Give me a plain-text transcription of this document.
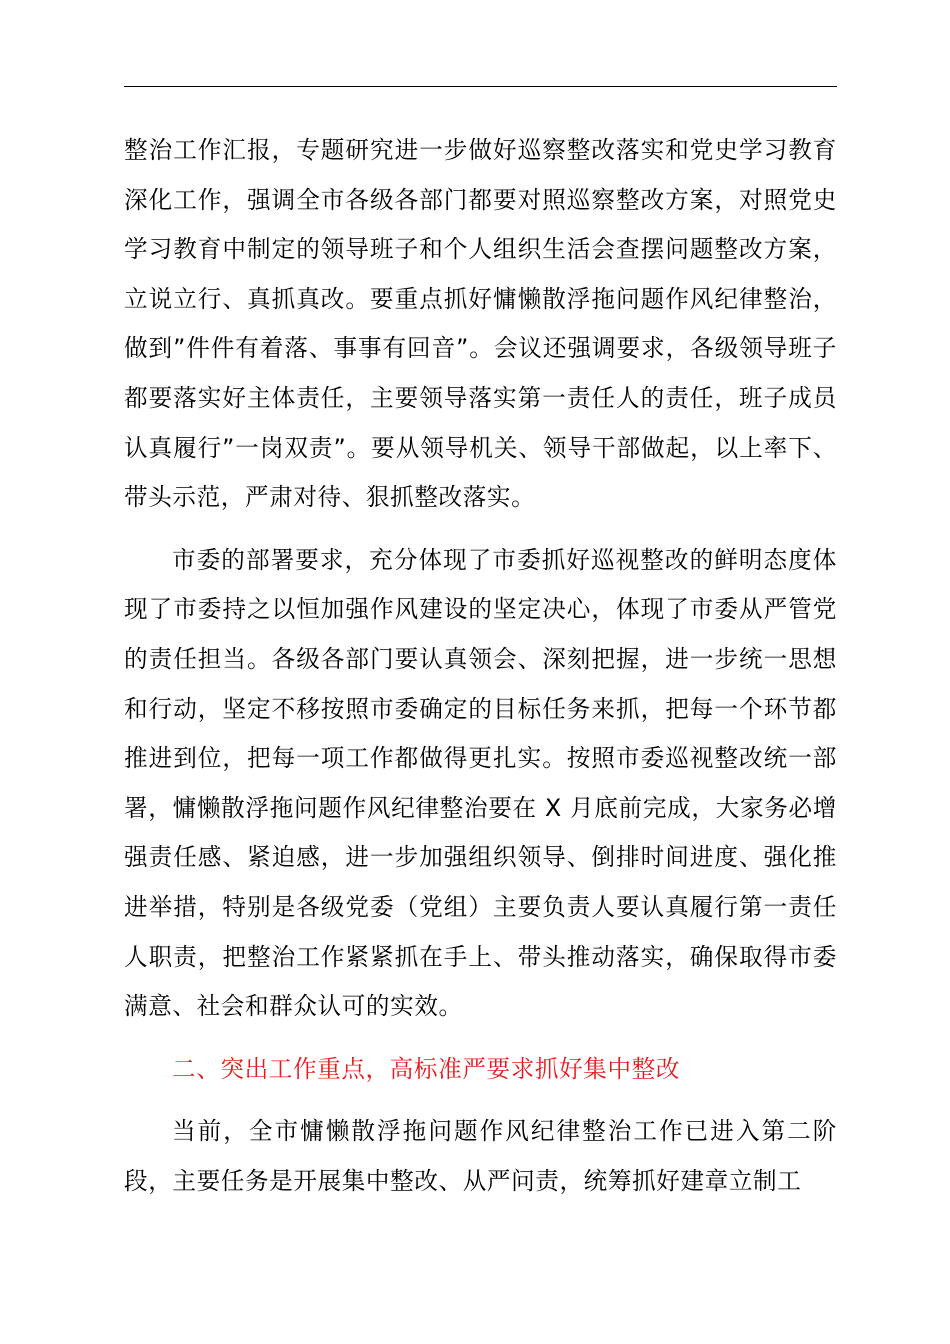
整治工作汇报，专题研究进一步做好巡察整改落实和党史学习教育深化工作，强调全市各级各部门都要对照巡察整改方案，对照党史学习教育中制定的领导班子和个人组织生活会查摆问题整改方案，立说立行、真抓真改。要重点抓好慵懒散浮拖问题作风纪律整治，做到”件件有着落、事事有回音”。会议还强调要求，各级领导班子都要落实好主体责任，主要领导落实第一责任人的责任，班子成员认真履行”一岗双责”。要从领导机关、领导干部做起，以上率下、带头示范，严肃对待、狠抓整改落实。

市委的部署要求，充分体现了市委抓好巡视整改的鲜明态度体现了市委持之以恒加强作风建设的坚定决心，体现了市委从严管党的责任担当。各级各部门要认真领会、深刻把握，进一步统一思想和行动，坚定不移按照市委确定的目标任务来抓，把每一个环节都推进到位，把每一项工作都做得更扎实。按照市委巡视整改统一部署，慵懒散浮拖问题作风纪律整治要在 X 月底前完成，大家务必增强责任感、紧迫感，进一步加强组织领导、倒排时间进度、强化推进举措，特别是各级党委（党组）主要负责人要认真履行第一责任人职责，把整治工作紧紧抓在手上、带头推动落实，确保取得市委满意、社会和群众认可的实效。

二、突出工作重点，高标准严要求抓好集中整改

当前，全市慵懒散浮拖问题作风纪律整治工作已进入第二阶段，主要任务是开展集中整改、从严问责，统筹抓好建章立制工
